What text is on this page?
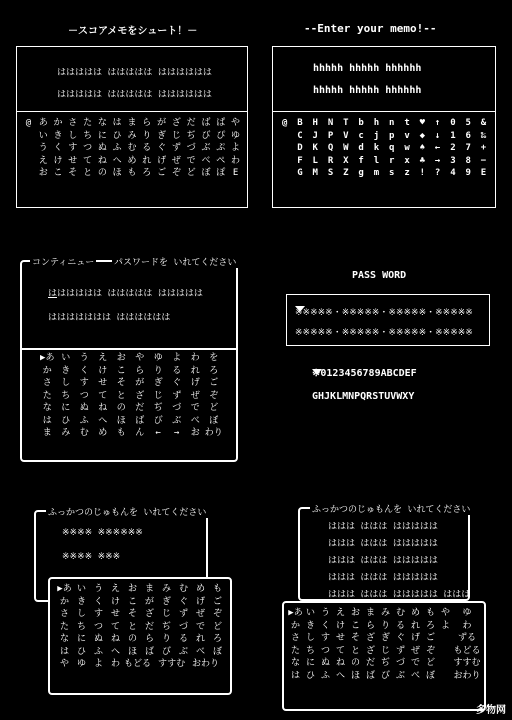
－スコアメモをシュート！－
ははははは ははははは はははははは
ははははは ははははは はははははは
@ あ か さ た な は ま ら が ざ だ ば ぱ や
い き し ち に ひ み り ぎ じ ぢ び ぴ ゆ
う く す つ ぬ ふ む る ぐ ず づ ぶ ぷ よ
え け せ て ね へ め れ げ ぜ で べ ぺ わ
お こ そ と の ほ も ろ ご ぞ ど ぼ ぽ E
--Enter your memo!--
hhhhh hhhhh hhhhhh
hhhhh hhhhh hhhhhh
@	B	H	N	T	b	h	n	t	♥	↑	0	5	&
C	J	P	V	c	j	p	v	◆	↓	1	6	‰
D	K	Q	W	d	k	q	w	♠	←	2	7	+
F	L	R	X	f	l	r	x	♣	→	3	8	−
G	M	S	Z	g	m	s	z	!	?	4	9	E
はははははは ははははは ははははは
ははははははは はははははは
▶あ い	う	え	お	や	ゆ	よ	わ	を
か	き	く	け	こ	ら	り	る	れ	ろ
さ	し	す	せ	そ	が	ぎ	ぐ	げ	ご
た	ち	つ	て	と	ざ	じ	ず	ぜ	ぞ
な	に	ぬ	ね	の	だ	ぢ	づ	で	ど
は	ひ	ふ	へ	ほ	ば	び	ぶ	べ	ぼ
ま	み	む	め	も	ん	←	→	お わり
コンティニュー パスワードを いれてください
PASS WORD
※※※※※・※※※※※・※※※※※・※※※※※
※※※※※・※※※※※・※※※※※・※※※※※
※0123456789ABCDEF
GHJKLMNPQRSTUVWXY
※※※※ ※※※※※※
※※※※ ※※※
ふっかつのじゅもんを いれてください
▶あ い う え お ま み む め も
か き く け こ が ぎ ぐ げ ご
さ し す せ そ ざ じ ず ぜ ぞ
た ち つ て と だ ぢ づ で ど
な に ぬ ね の ら り る れ ろ
は ひ ふ へ ほ ば び ぶ べ ぼ
や ゆ よ わ もどる すすむ おわり
ははは ははは ははははは
ははは ははは ははははは
ははは ははは ははははは
ははは ははは ははははは
ははは ははは ははははは ははは
ふっかつのじゅもんを いれてください
▶あ い う え お ま み む め も や	ゆ
か き く け こ ら り る れ ろ よ	わ
さ し す せ そ ざ ぎ ぐ げ ご	ずる
た ち つ て と ざ じ ず ぜ ぞ	もどる
な に ぬ ね の だ ぢ づ で ど	すすむ
は ひ ふ へ ほ ば び ぶ べ ぼ	おわり
多物网
